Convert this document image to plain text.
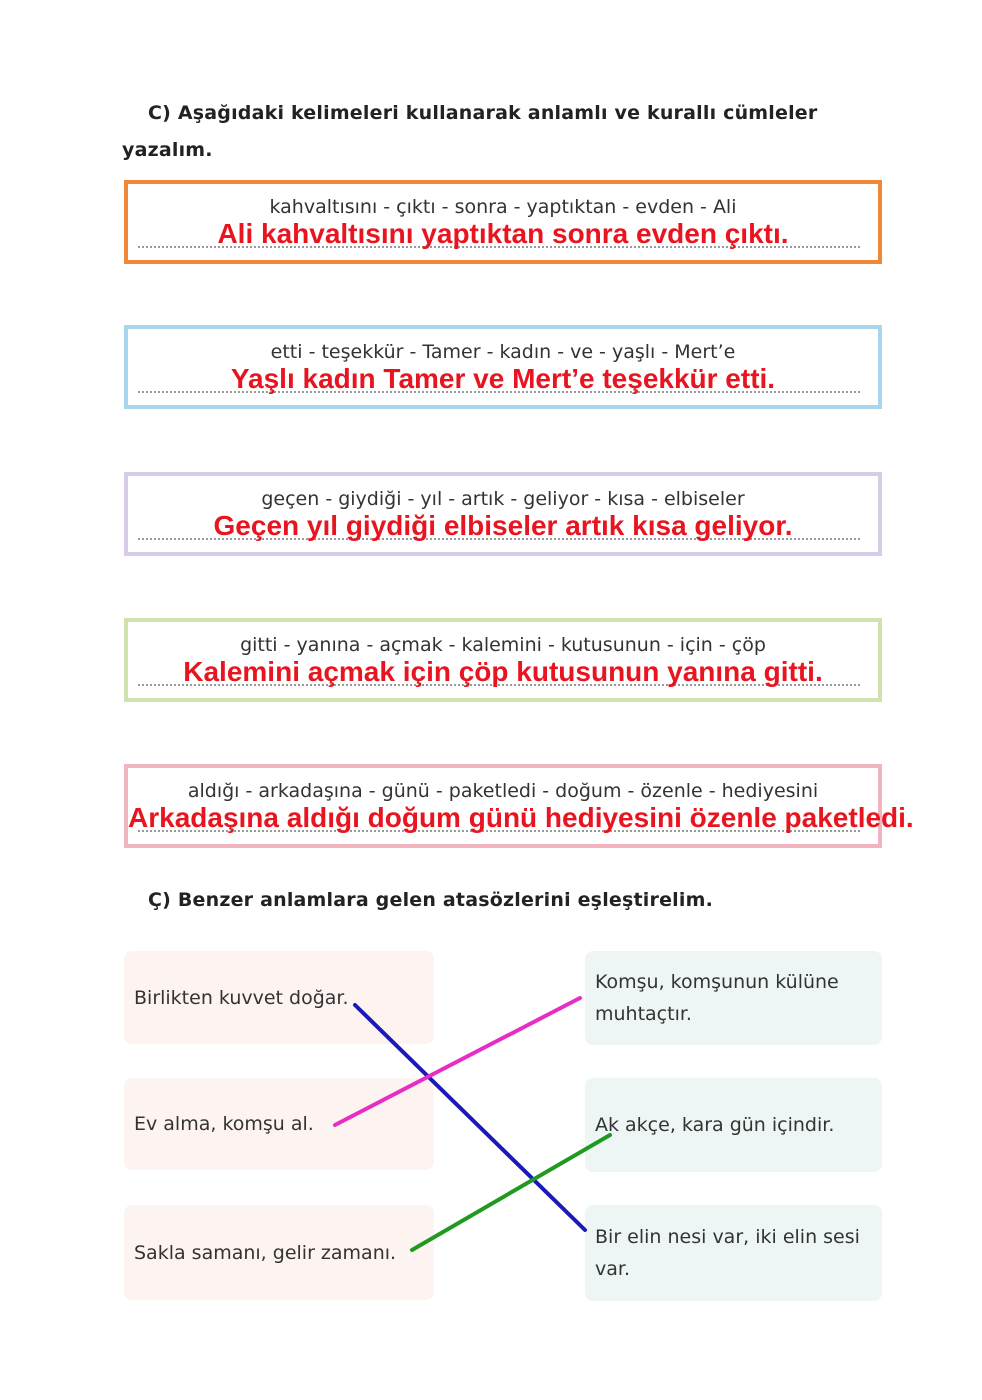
C) Aşağıdaki kelimeleri kullanarak anlamlı ve kurallı cümleler
yazalım.
kahvaltısını - çıktı - sonra - yaptıktan - evden - Ali
Ali kahvaltısını yaptıktan sonra evden çıktı.
etti - teşekkür - Tamer - kadın - ve - yaşlı - Mert’e
Yaşlı kadın Tamer ve Mert’e teşekkür etti.
geçen - giydiği - yıl - artık - geliyor - kısa - elbiseler
Geçen yıl giydiği elbiseler artık kısa geliyor.
gitti - yanına - açmak - kalemini - kutusunun - için - çöp
Kalemini açmak için çöp kutusunun yanına gitti.
aldığı - arkadaşına - günü - paketledi - doğum - özenle - hediyesini
Arkadaşına aldığı doğum günü hediyesini özenle paketledi.
Ç) Benzer anlamlara gelen atasözlerini eşleştirelim.
Birlikten kuvvet doğar.
Ev alma, komşu al.
Sakla samanı, gelir zamanı.
Komşu, komşunun külüne muhtaçtır.
Ak akçe, kara gün içindir.
Bir elin nesi var, iki elin sesi var.
